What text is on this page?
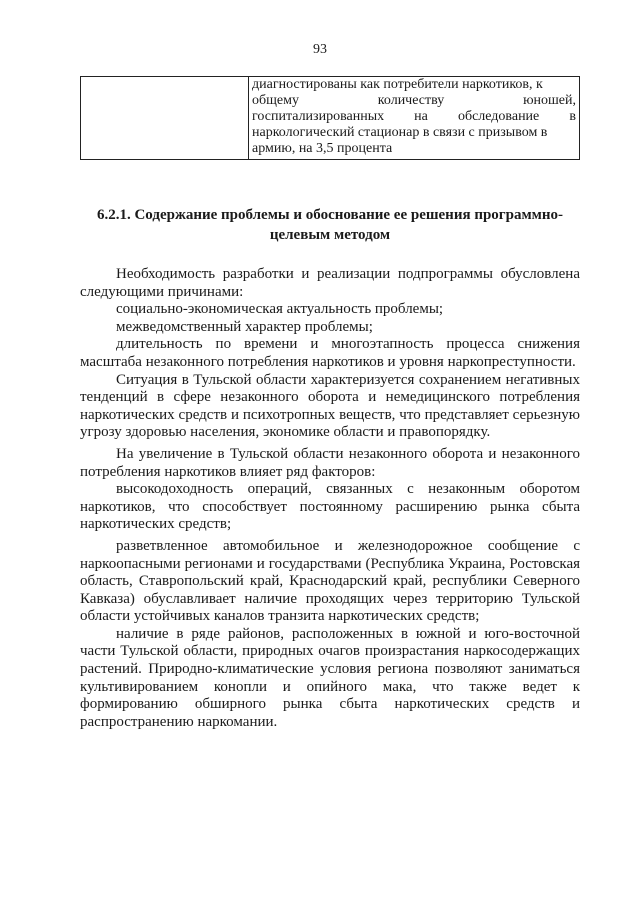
93

диагностированы как потребители наркотиков, к
общему	количеству	юношей,
госпитализированных на обследование в
наркологический стационар в связи с призывом в
армию, на 3,5 процента
6.2.1. Содержание проблемы и обоснование ее решения программно-
целевым методом

Необходимость разработки и реализации подпрограммы обусловлена следующими причинами:

социально-экономическая актуальность проблемы;

межведомственный характер проблемы;

длительность по времени и многоэтапность процесса снижения масштаба незаконного потребления наркотиков и уровня наркопреступности.

Ситуация в Тульской области характеризуется сохранением негативных тенденций в сфере незаконного оборота и немедицинского потребления наркотических средств и психотропных веществ, что представляет серьезную угрозу здоровью населения, экономике области и правопорядку.

На увеличение в Тульской области незаконного оборота и незаконного потребления наркотиков влияет ряд факторов:

высокодоходность операций, связанных с незаконным оборотом наркотиков, что способствует постоянному расширению рынка сбыта наркотических средств;

разветвленное автомобильное и железнодорожное сообщение с наркоопасными регионами и государствами (Республика Украина, Ростовская область, Ставропольский край, Краснодарский край, республики Северного Кавказа) обуславливает наличие проходящих через территорию Тульской области устойчивых каналов транзита наркотических средств;

наличие в ряде районов, расположенных в южной и юго-восточной части Тульской области, природных очагов произрастания наркосодержащих растений. Природно-климатические условия региона позволяют заниматься культивированием конопли и опийного мака, что также ведет к формированию обширного рынка сбыта наркотических средств и распространению наркомании.
